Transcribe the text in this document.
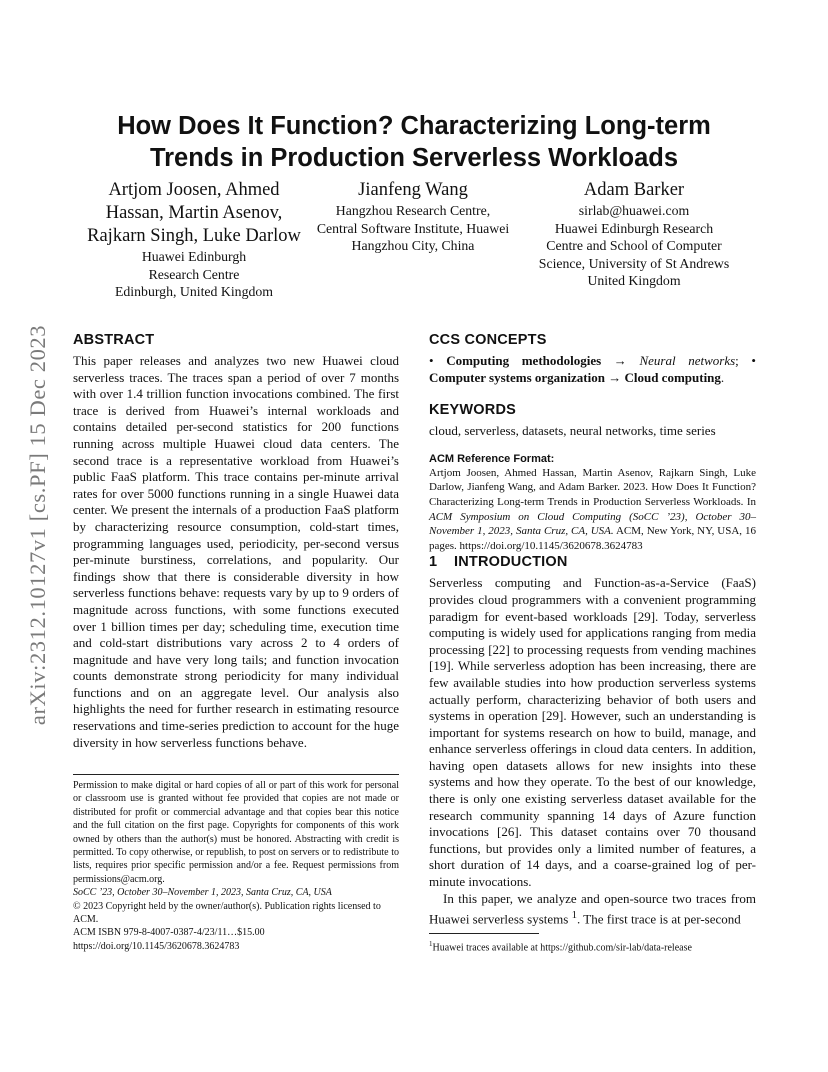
arXiv:2312.10127v1 [cs.PF] 15 Dec 2023
How Does It Function? Characterizing Long-term Trends in Production Serverless Workloads
Artjom Joosen, Ahmed Hassan, Martin Asenov, Rajkarn Singh, Luke Darlow
Huawei Edinburgh
Research Centre
Edinburgh, United Kingdom
Jianfeng Wang
Hangzhou Research Centre,
Central Software Institute, Huawei
Hangzhou City, China
Adam Barker
sirlab@huawei.com
Huawei Edinburgh Research
Centre and School of Computer
Science, University of St Andrews
United Kingdom
ABSTRACT

This paper releases and analyzes two new Huawei cloud serverless traces. The traces span a period of over 7 months with over 1.4 trillion function invocations combined. The first trace is derived from Huawei’s internal workloads and contains detailed per-second statistics for 200 functions running across multiple Huawei cloud data centers. The second trace is a representative workload from Huawei’s public FaaS platform. This trace contains per-minute arrival rates for over 5000 functions running in a single Huawei data center. We present the internals of a production FaaS platform by characterizing resource consumption, cold-start times, programming languages used, periodicity, per-second versus per-minute burstiness, correlations, and popularity. Our findings show that there is considerable diversity in how serverless functions behave: requests vary by up to 9 orders of magnitude across functions, with some functions executed over 1 billion times per day; scheduling time, execution time and cold-start distributions vary across 2 to 4 orders of magnitude and have very long tails; and function invocation counts demonstrate strong periodicity for many individual functions and on an aggregate level. Our analysis also highlights the need for further research in estimating resource reservations and time-series prediction to account for the huge diversity in how serverless functions behave.

Permission to make digital or hard copies of all or part of this work for personal or classroom use is granted without fee provided that copies are not made or distributed for profit or commercial advantage and that copies bear this notice and the full citation on the first page. Copyrights for components of this work owned by others than the author(s) must be honored. Abstracting with credit is permitted. To copy otherwise, or republish, to post on servers or to redistribute to lists, requires prior specific permission and/or a fee. Request permissions from permissions@acm.org.

SoCC ’23, October 30–November 1, 2023, Santa Cruz, CA, USA
© 2023 Copyright held by the owner/author(s). Publication rights licensed to ACM.
ACM ISBN 979-8-4007-0387-4/23/11…$15.00
https://doi.org/10.1145/3620678.3624783
CCS CONCEPTS

• Computing methodologies → Neural networks; • Computer systems organization → Cloud computing.

KEYWORDS

cloud, serverless, datasets, neural networks, time series

ACM Reference Format:

Artjom Joosen, Ahmed Hassan, Martin Asenov, Rajkarn Singh, Luke Darlow, Jianfeng Wang, and Adam Barker. 2023. How Does It Function? Characterizing Long-term Trends in Production Serverless Workloads. In ACM Symposium on Cloud Computing (SoCC ’23), October 30–November 1, 2023, Santa Cruz, CA, USA. ACM, New York, NY, USA, 16 pages. https://doi.org/10.1145/3620678.3624783

1 INTRODUCTION

Serverless computing and Function-as-a-Service (FaaS) provides cloud programmers with a convenient programming paradigm for event-based workloads [29]. Today, serverless computing is widely used for applications ranging from media processing [22] to processing requests from vending machines [19]. While serverless adoption has been increasing, there are few available studies into how production serverless systems actually perform, characterizing behavior of both users and systems in operation [29]. However, such an understanding is important for systems research on how to build, manage, and enhance serverless offerings in cloud data centers. In addition, having open datasets allows for new insights into these systems and how they operate. To the best of our knowledge, there is only one existing serverless dataset available for the research community spanning 14 days of Azure function invocations [26]. This dataset contains over 70 thousand functions, but provides only a limited number of features, a short duration of 14 days, and a coarse-grained log of per-minute invocations.

In this paper, we analyze and open-source two traces from Huawei serverless systems $^1$. The first trace is at per-second

$^1$Huawei traces available at https://github.com/sir-lab/data-release
